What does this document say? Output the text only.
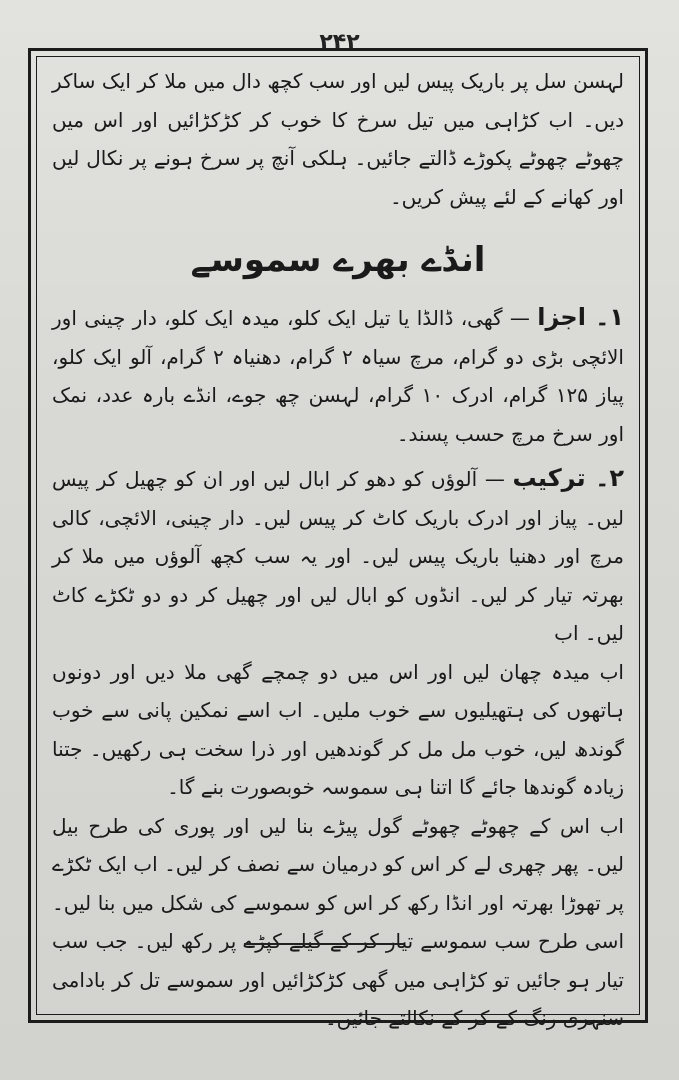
۲۴۲

لہسن سل پر باریک پیس لیں اور سب کچھ دال میں ملا کر ایک ساکر دیں۔ اب کڑاہی میں تیل سرخ کا خوب کر کڑکڑائیں اور اس میں چھوٹے چھوٹے پکوڑے ڈالتے جائیں۔ ہلکی آنچ پر سرخ ہونے پر نکال لیں اور کھانے کے لئے پیش کریں۔

انڈے بھرے سموسے

۱۔ اجزا — گھی، ڈالڈا یا تیل ایک کلو، میدہ ایک کلو، دار چینی اور الائچی بڑی دو گرام، مرچ سیاہ ۲ گرام، دھنیاہ ۲ گرام، آلو ایک کلو، پیاز ۱۲۵ گرام، ادرک ۱۰ گرام، لہسن چھ جوے، انڈے بارہ عدد، نمک اور سرخ مرچ حسب پسند۔

۲۔ ترکیب — آلوؤں کو دھو کر ابال لیں اور ان کو چھیل کر پیس لیں۔ پیاز اور ادرک باریک کاٹ کر پیس لیں۔ دار چینی، الائچی، کالی مرچ اور دھنیا باریک پیس لیں۔ اور یہ سب کچھ آلوؤں میں ملا کر بھرتہ تیار کر لیں۔ انڈوں کو ابال لیں اور چھیل کر دو دو ٹکڑے کاٹ لیں۔ اب

اب میدہ چھان لیں اور اس میں دو چمچے گھی ملا دیں اور دونوں ہاتھوں کی ہتھیلیوں سے خوب ملیں۔ اب اسے نمکین پانی سے خوب گوندھ لیں، خوب مل مل کر گوندھیں اور ذرا سخت ہی رکھیں۔ جتنا زیادہ گوندھا جائے گا اتنا ہی سموسہ خوبصورت بنے گا۔

اب اس کے چھوٹے چھوٹے گول پیڑے بنا لیں اور پوری کی طرح بیل لیں۔ پھر چھری لے کر اس کو درمیان سے نصف کر لیں۔ اب ایک ٹکڑے پر تھوڑا بھرتہ اور انڈا رکھ کر اس کو سموسے کی شکل میں بنا لیں۔ اسی طرح سب سموسے تیار کر کے گیلے کپڑے پر رکھ لیں۔ جب سب تیار ہو جائیں تو کڑاہی میں گھی کڑکڑائیں اور سموسے تل کر بادامی سنہری رنگ کے کر کے نکالتے جائیں۔
